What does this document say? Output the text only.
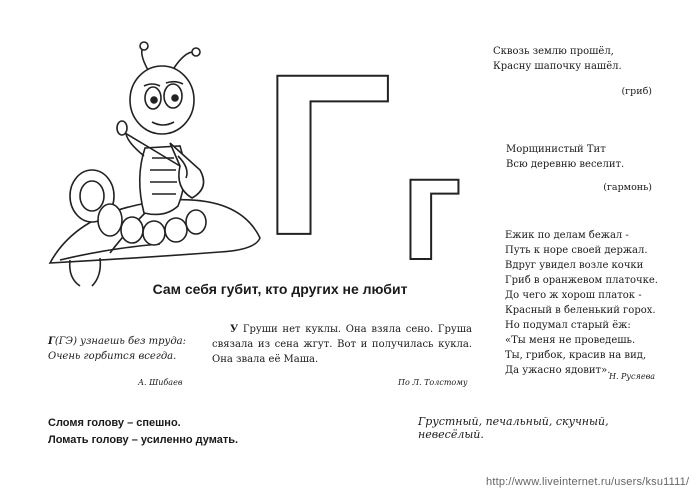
Г г
Сам себя губит, кто других не любит
Сквозь землю прошёл,
Красну шапочку нашёл.
(гриб)
Морщинистый Тит
Всю деревню веселит.
(гармонь)
Ежик по делам бежал -
Путь к норе своей держал.
Вдруг увидел возле кочки
Гриб в оранжевом платочке.
До чего ж хорош платок -
Красный в беленький горох.
Но подумал старый ёж:
«Ты меня не проведешь.
Ты, грибок, красив на вид,
Да ужасно ядовит».
Н. Русяева
Г(ГЭ) узнаешь без труда:
Очень горбится всегда.
А. Шибаев
У Груши нет куклы. Она взяла сено. Груша связала из сена жгут. Вот и получилась кукла. Она звала её Маша.
По Л. Толстому
Сломя голову – спешно.
Ломать голову – усиленно думать.
Грустный, печальный, скучный, невесёлый.
http://www.liveinternet.ru/users/ksu1111/
